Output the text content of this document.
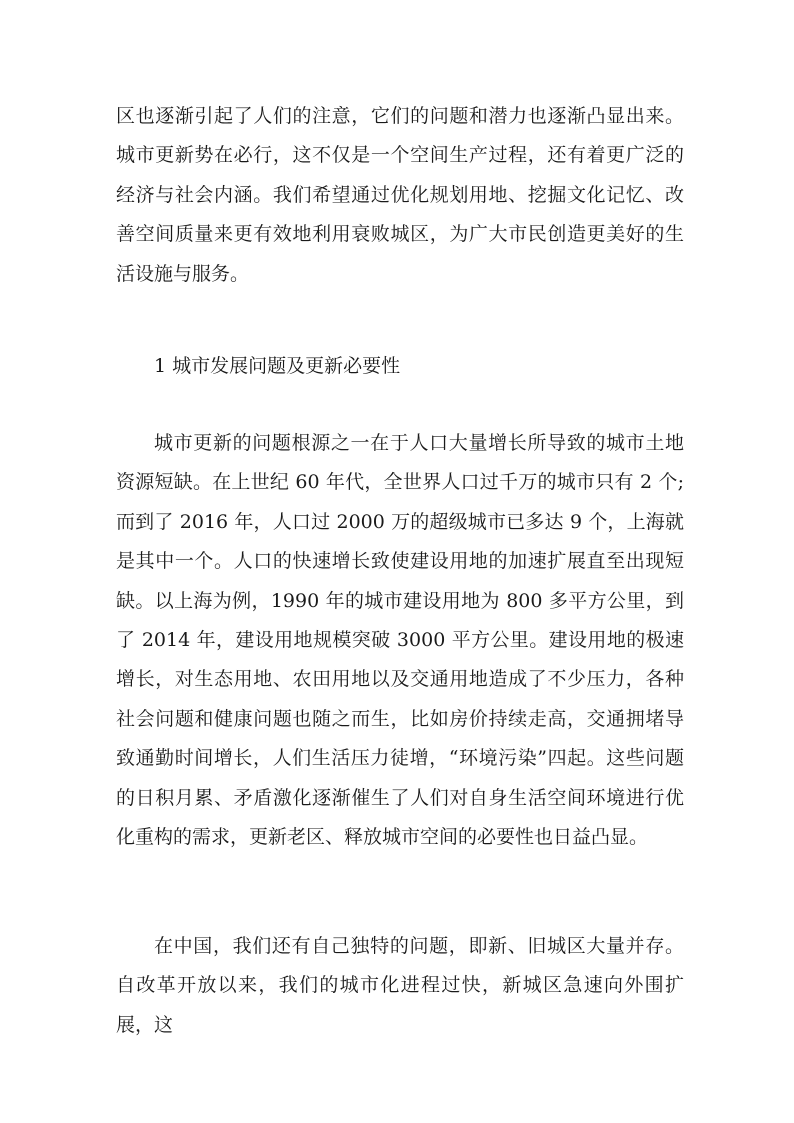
区也逐渐引起了人们的注意，它们的问题和潜力也逐渐凸显出来。城市更新势在必行，这不仅是一个空间生产过程，还有着更广泛的经济与社会内涵。我们希望通过优化规划用地、挖掘文化记忆、改善空间质量来更有效地利用衰败城区，为广大市民创造更美好的生活设施与服务。

1 城市发展问题及更新必要性

城市更新的问题根源之一在于人口大量增长所导致的城市土地资源短缺。在上世纪 60 年代，全世界人口过千万的城市只有 2 个;而到了 2016 年，人口过 2000 万的超级城市已多达 9 个，上海就是其中一个。人口的快速增长致使建设用地的加速扩展直至出现短缺。以上海为例，1990 年的城市建设用地为 800 多平方公里，到了 2014 年，建设用地规模突破 3000 平方公里。建设用地的极速增长，对生态用地、农田用地以及交通用地造成了不少压力，各种社会问题和健康问题也随之而生，比如房价持续走高，交通拥堵导致通勤时间增长，人们生活压力徒增，“环境污染”四起。这些问题的日积月累、矛盾激化逐渐催生了人们对自身生活空间环境进行优化重构的需求，更新老区、释放城市空间的必要性也日益凸显。

在中国，我们还有自己独特的问题，即新、旧城区大量并存。自改革开放以来，我们的城市化进程过快，新城区急速向外围扩展，这
